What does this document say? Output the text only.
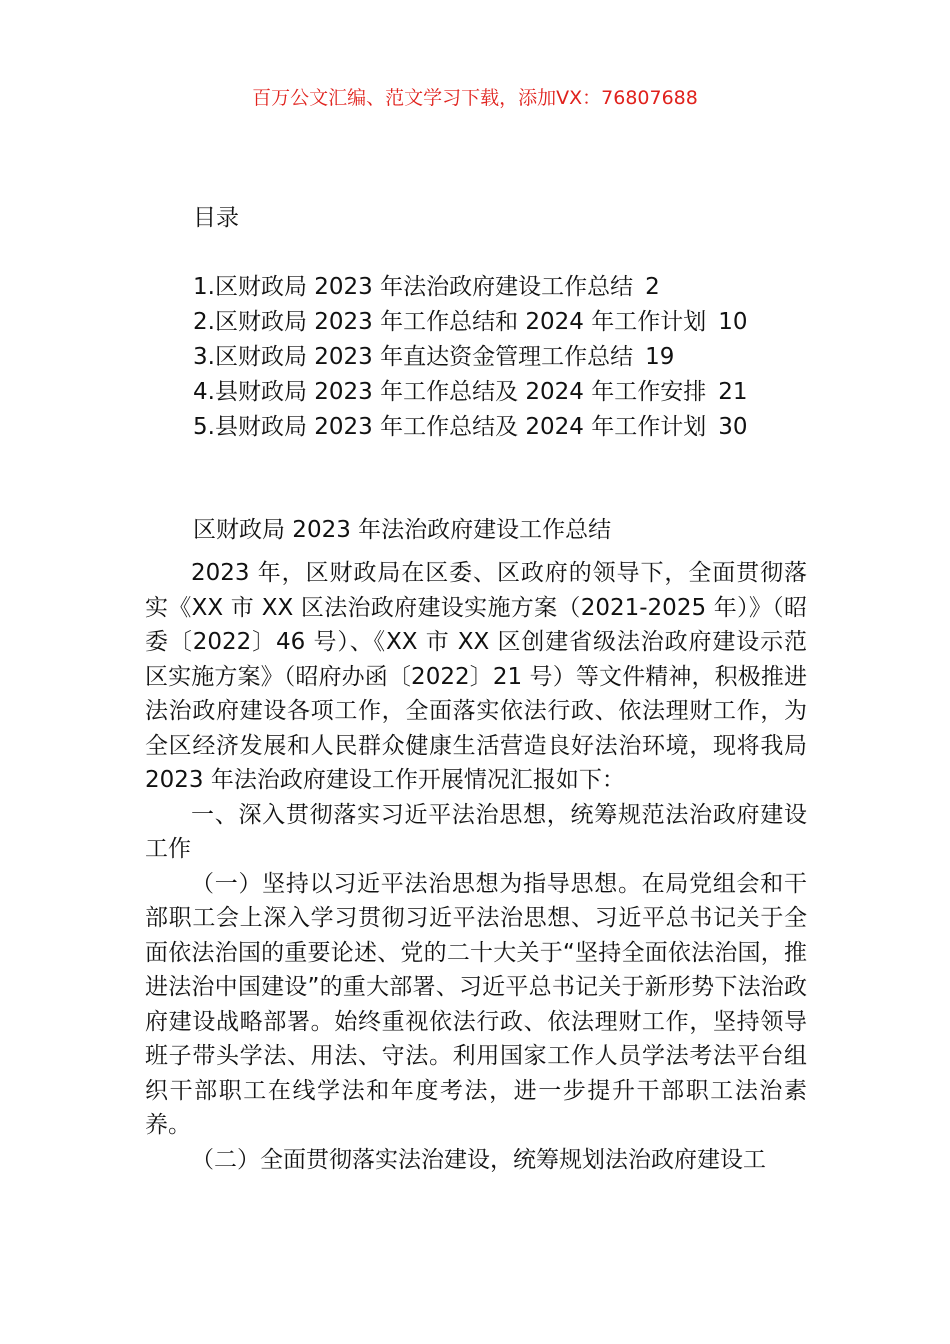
百万公文汇编、范文学习下载，添加VX：76807688
目录
1.区财政局 2023 年法治政府建设工作总结 2
2.区财政局 2023 年工作总结和 2024 年工作计划 10
3.区财政局 2023 年直达资金管理工作总结 19
4.县财政局 2023 年工作总结及 2024 年工作安排 21
5.县财政局 2023 年工作总结及 2024 年工作计划 30
区财政局 2023 年法治政府建设工作总结

2023 年，区财政局在区委、区政府的领导下，全面贯彻落实《XX 市 XX 区法治政府建设实施方案（2021-2025 年）》（昭委〔2022〕46 号）、《XX 市 XX 区创建省级法治政府建设示范区实施方案》（昭府办函〔2022〕21 号）等文件精神，积极推进法治政府建设各项工作，全面落实依法行政、依法理财工作，为全区经济发展和人民群众健康生活营造良好法治环境，现将我局 2023 年法治政府建设工作开展情况汇报如下：

一、深入贯彻落实习近平法治思想，统筹规范法治政府建设工作

（一）坚持以习近平法治思想为指导思想。在局党组会和干部职工会上深入学习贯彻习近平法治思想、习近平总书记关于全面依法治国的重要论述、党的二十大关于“坚持全面依法治国，推进法治中国建设”的重大部署、习近平总书记关于新形势下法治政府建设战略部署。始终重视依法行政、依法理财工作，坚持领导班子带头学法、用法、守法。利用国家工作人员学法考法平台组织干部职工在线学法和年度考法，进一步提升干部职工法治素养。

（二）全面贯彻落实法治建设，统筹规划法治政府建设工
